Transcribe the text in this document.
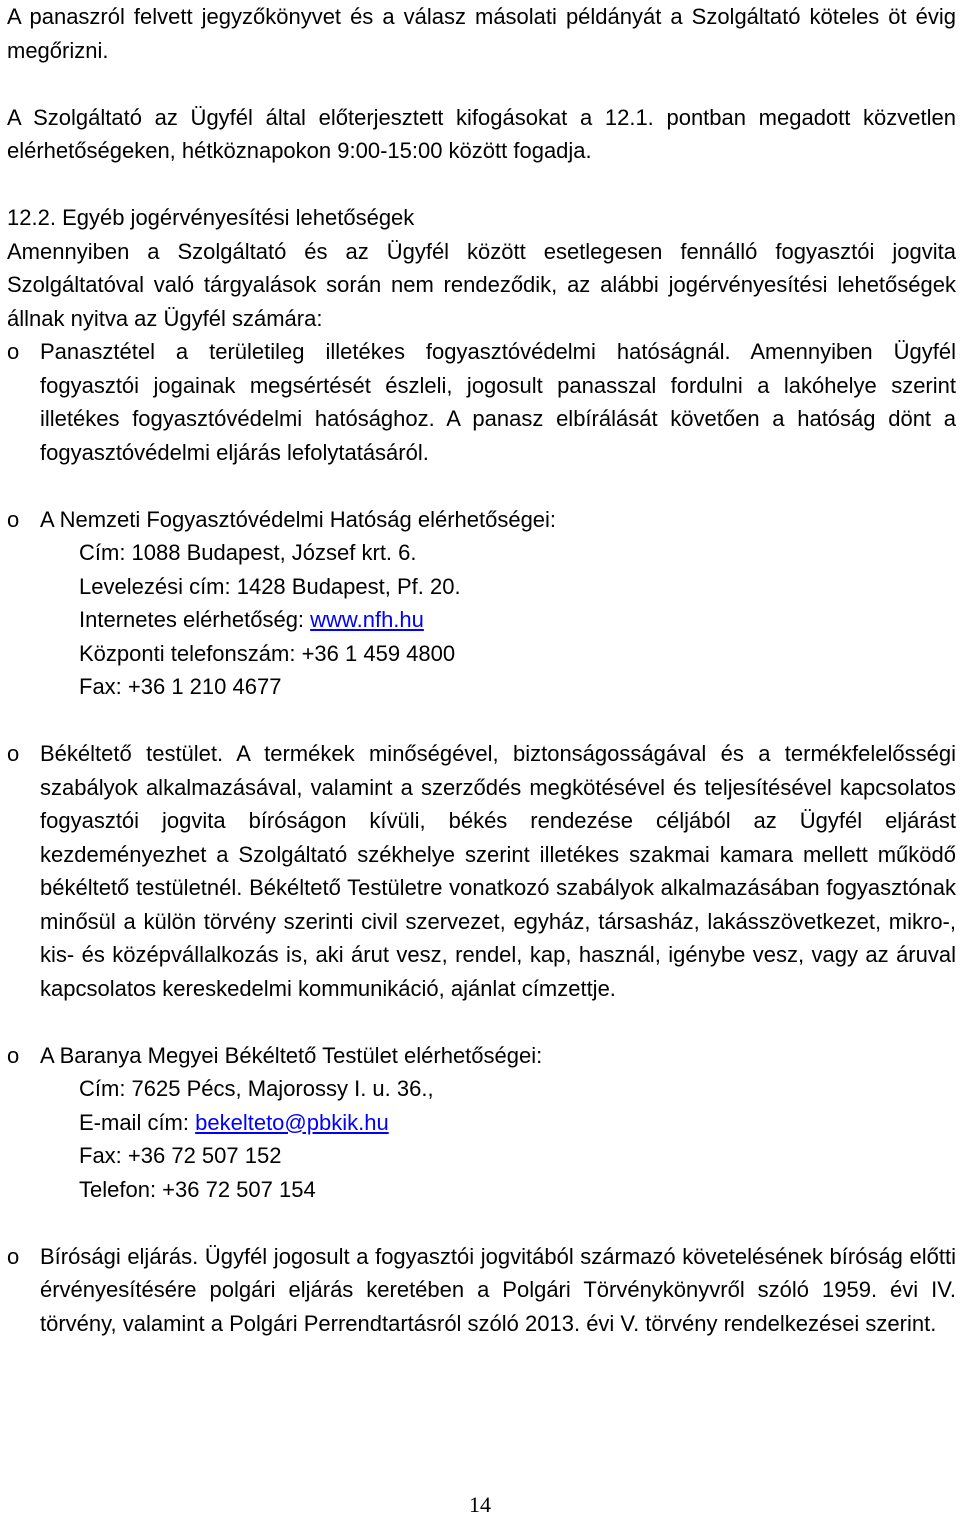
A panaszról felvett jegyzőkönyvet és a válasz másolati példányát a Szolgáltató köteles öt évig megőrizni.

A Szolgáltató az Ügyfél által előterjesztett kifogásokat a 12.1. pontban megadott közvetlen elérhetőségeken, hétköznapokon 9:00-15:00 között fogadja.

12.2. Egyéb jogérvényesítési lehetőségek

Amennyiben a Szolgáltató és az Ügyfél között esetlegesen fennálló fogyasztói jogvita Szolgáltatóval való tárgyalások során nem rendeződik, az alábbi jogérvényesítési lehetőségek állnak nyitva az Ügyfél számára:

o Panasztétel a területileg illetékes fogyasztóvédelmi hatóságnál. Amennyiben Ügyfél fogyasztói jogainak megsértését észleli, jogosult panasszal fordulni a lakóhelye szerint illetékes fogyasztóvédelmi hatósághoz. A panasz elbírálását követően a hatóság dönt a fogyasztóvédelmi eljárás lefolytatásáról.

o A Nemzeti Fogyasztóvédelmi Hatóság elérhetőségei:

Cím: 1088 Budapest, József krt. 6.

Levelezési cím: 1428 Budapest, Pf. 20.

Internetes elérhetőség: www.nfh.hu

Központi telefonszám: +36 1 459 4800

Fax: +36 1 210 4677

o Békéltető testület. A termékek minőségével, biztonságosságával és a termékfelelősségi szabályok alkalmazásával, valamint a szerződés megkötésével és teljesítésével kapcsolatos fogyasztói jogvita bíróságon kívüli, békés rendezése céljából az Ügyfél eljárást kezdeményezhet a Szolgáltató székhelye szerint illetékes szakmai kamara mellett működő békéltető testületnél. Békéltető Testületre vonatkozó szabályok alkalmazásában fogyasztónak minősül a külön törvény szerinti civil szervezet, egyház, társasház, lakásszövetkezet, mikro-, kis- és középvállalkozás is, aki árut vesz, rendel, kap, használ, igénybe vesz, vagy az áruval kapcsolatos kereskedelmi kommunikáció, ajánlat címzettje.

o A Baranya Megyei Békéltető Testület elérhetőségei:

Cím: 7625 Pécs, Majorossy I. u. 36.,

E-mail cím: bekelteto@pbkik.hu

Fax: +36 72 507 152

Telefon: +36 72 507 154

o Bírósági eljárás. Ügyfél jogosult a fogyasztói jogvitából származó követelésének bíróság előtti érvényesítésére polgári eljárás keretében a Polgári Törvénykönyvről szóló 1959. évi IV. törvény, valamint a Polgári Perrendtartásról szóló 2013. évi V. törvény rendelkezései szerint.

14
